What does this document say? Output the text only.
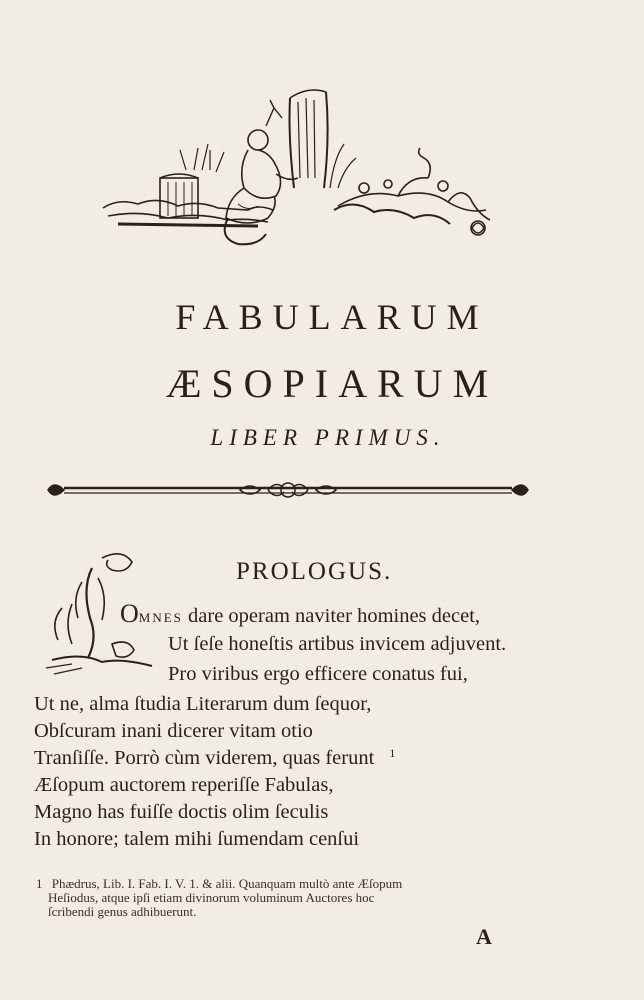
FABULARUM
ÆSOPIARUM
LIBER PRIMUS.
PROLOGUS.
OMNES dare operam naviter homines decet,
Ut ſeſe honeſtis artibus invicem adjuvent.
Pro viribus ergo efficere conatus fui,
Ut ne, alma ſtudia Literarum dum ſequor,
Obſcuram inani dicerer vitam otio
Tranſiſſe. Porrò cùm viderem, quas ferunt $^1$
Æſopum auctorem reperiſſe Fabulas,
Magno has fuiſſe doctis olim ſeculis
In honore; talem mihi ſumendam cenſui
1 Phædrus, Lib. I. Fab. I. V. 1. & alii. Quanquam multò ante Æſopum
Heſiodus, atque ipſi etiam divinorum voluminum Auctores hoc
ſcribendi genus adhibuerunt.
A
